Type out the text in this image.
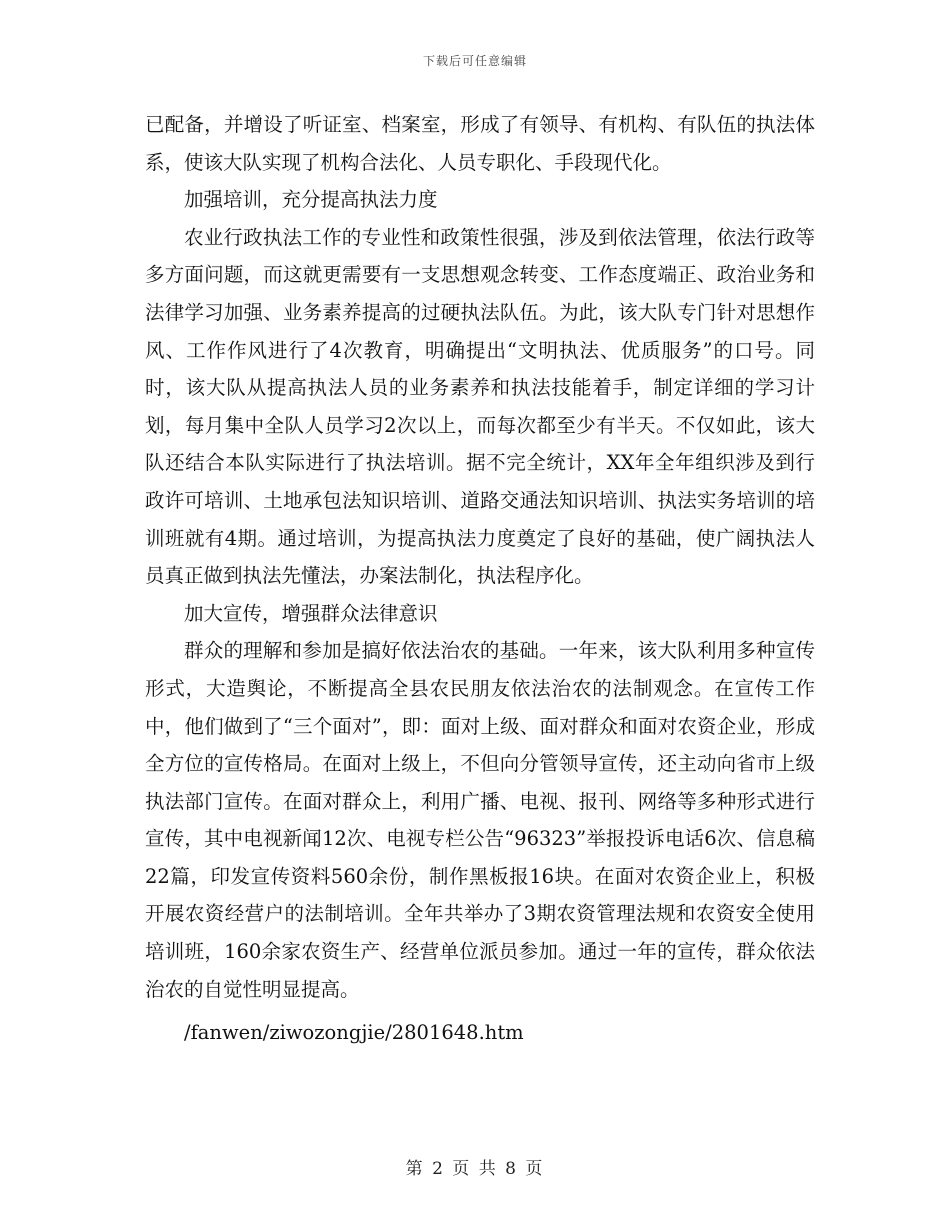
下载后可任意编辑

已配备，并增设了听证室、档案室，形成了有领导、有机构、有队伍的执法体系，使该大队实现了机构合法化、人员专职化、手段现代化。

加强培训，充分提高执法力度

农业行政执法工作的专业性和政策性很强，涉及到依法管理，依法行政等多方面问题，而这就更需要有一支思想观念转变、工作态度端正、政治业务和法律学习加强、业务素养提高的过硬执法队伍。为此，该大队专门针对思想作风、工作作风进行了4次教育，明确提出“文明执法、优质服务”的口号。同时，该大队从提高执法人员的业务素养和执法技能着手，制定详细的学习计划，每月集中全队人员学习2次以上，而每次都至少有半天。不仅如此，该大队还结合本队实际进行了执法培训。据不完全统计，XX年全年组织涉及到行政许可培训、土地承包法知识培训、道路交通法知识培训、执法实务培训的培训班就有4期。通过培训，为提高执法力度奠定了良好的基础，使广阔执法人员真正做到执法先懂法，办案法制化，执法程序化。

加大宣传，增强群众法律意识

群众的理解和参加是搞好依法治农的基础。一年来，该大队利用多种宣传形式，大造舆论，不断提高全县农民朋友依法治农的法制观念。在宣传工作中，他们做到了“三个面对”，即：面对上级、面对群众和面对农资企业，形成全方位的宣传格局。在面对上级上，不但向分管领导宣传，还主动向省市上级执法部门宣传。在面对群众上，利用广播、电视、报刊、网络等多种形式进行宣传，其中电视新闻12次、电视专栏公告“96323”举报投诉电话6次、信息稿22篇，印发宣传资料560余份，制作黑板报16块。在面对农资企业上，积极开展农资经营户的法制培训。全年共举办了3期农资管理法规和农资安全使用培训班，160余家农资生产、经营单位派员参加。通过一年的宣传，群众依法治农的自觉性明显提高。

/fanwen/ziwozongjie/2801648.htm

第 2 页 共 8 页
